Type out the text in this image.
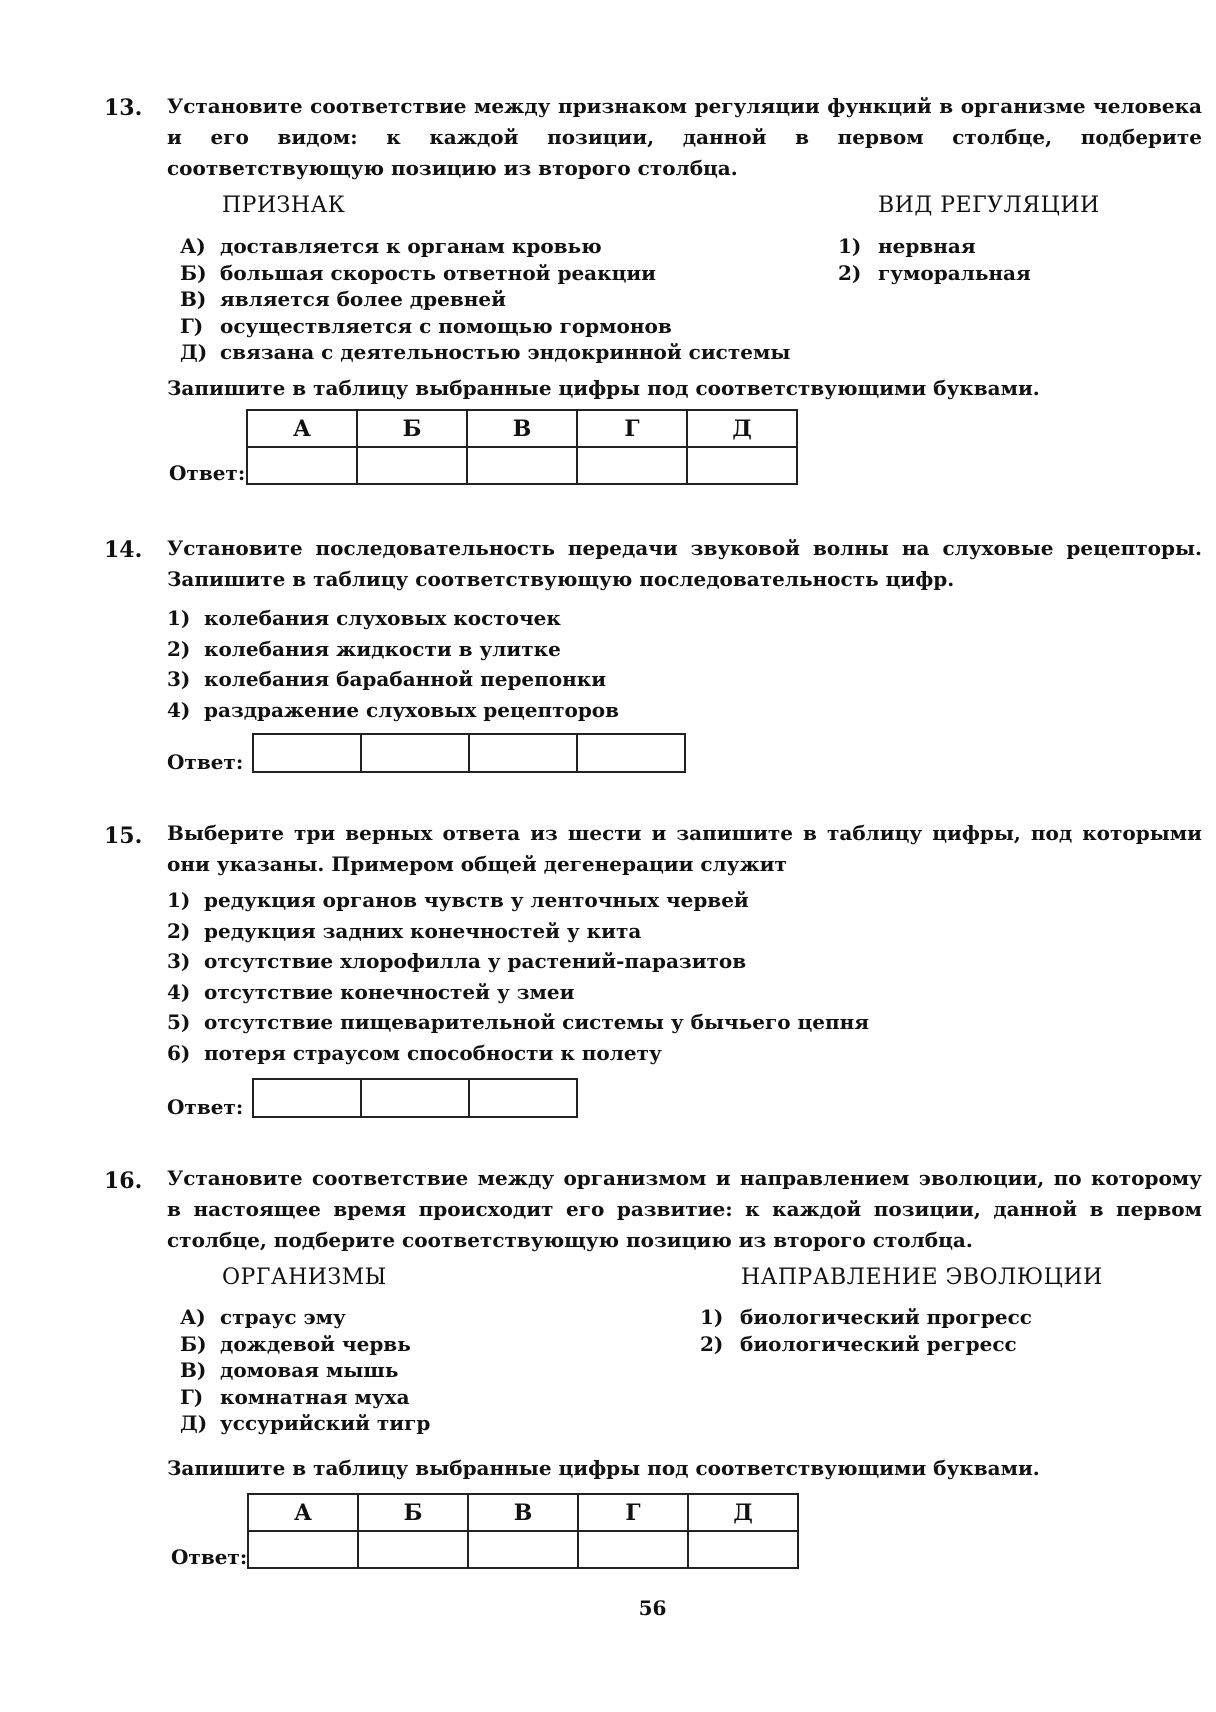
13. Установите соответствие между признаком регуляции функций в организме человека и его видом: к каждой позиции, данной в первом столбце, подберите соответствующую позицию из второго столбца.
ПРИЗНАК	ВИД РЕГУЛЯЦИИ
А) доставляется к органам кровью
Б) большая скорость ответной реакции
В) является более древней
Г) осуществляется с помощью гормонов
Д) связана с деятельностью эндокринной системы
1) нервная
2) гуморальная
Запишите в таблицу выбранные цифры под соответствующими буквами.
А	Б	В	Г	Д

Ответ:
14. Установите последовательность передачи звуковой волны на слуховые рецепторы. Запишите в таблицу соответствующую последовательность цифр.
1) колебания слуховых косточек
2) колебания жидкости в улитке
3) колебания барабанной перепонки
4) раздражение слуховых рецепторов
Ответ:

15. Выберите три верных ответа из шести и запишите в таблицу цифры, под которыми они указаны. Примером общей дегенерации служит
1) редукция органов чувств у ленточных червей
2) редукция задних конечностей у кита
3) отсутствие хлорофилла у растений-паразитов
4) отсутствие конечностей у змеи
5) отсутствие пищеварительной системы у бычьего цепня
6) потеря страусом способности к полету
Ответ:

16. Установите соответствие между организмом и направлением эволюции, по которому в настоящее время происходит его развитие: к каждой позиции, данной в первом столбце, подберите соответствующую позицию из второго столбца.
ОРГАНИЗМЫ	НАПРАВЛЕНИЕ ЭВОЛЮЦИИ
А) страус эму
Б) дождевой червь
В) домовая мышь
Г) комнатная муха
Д) уссурийский тигр
1) биологический прогресс
2) биологический регресс
Запишите в таблицу выбранные цифры под соответствующими буквами.
А	Б	В	Г	Д

Ответ:
56
